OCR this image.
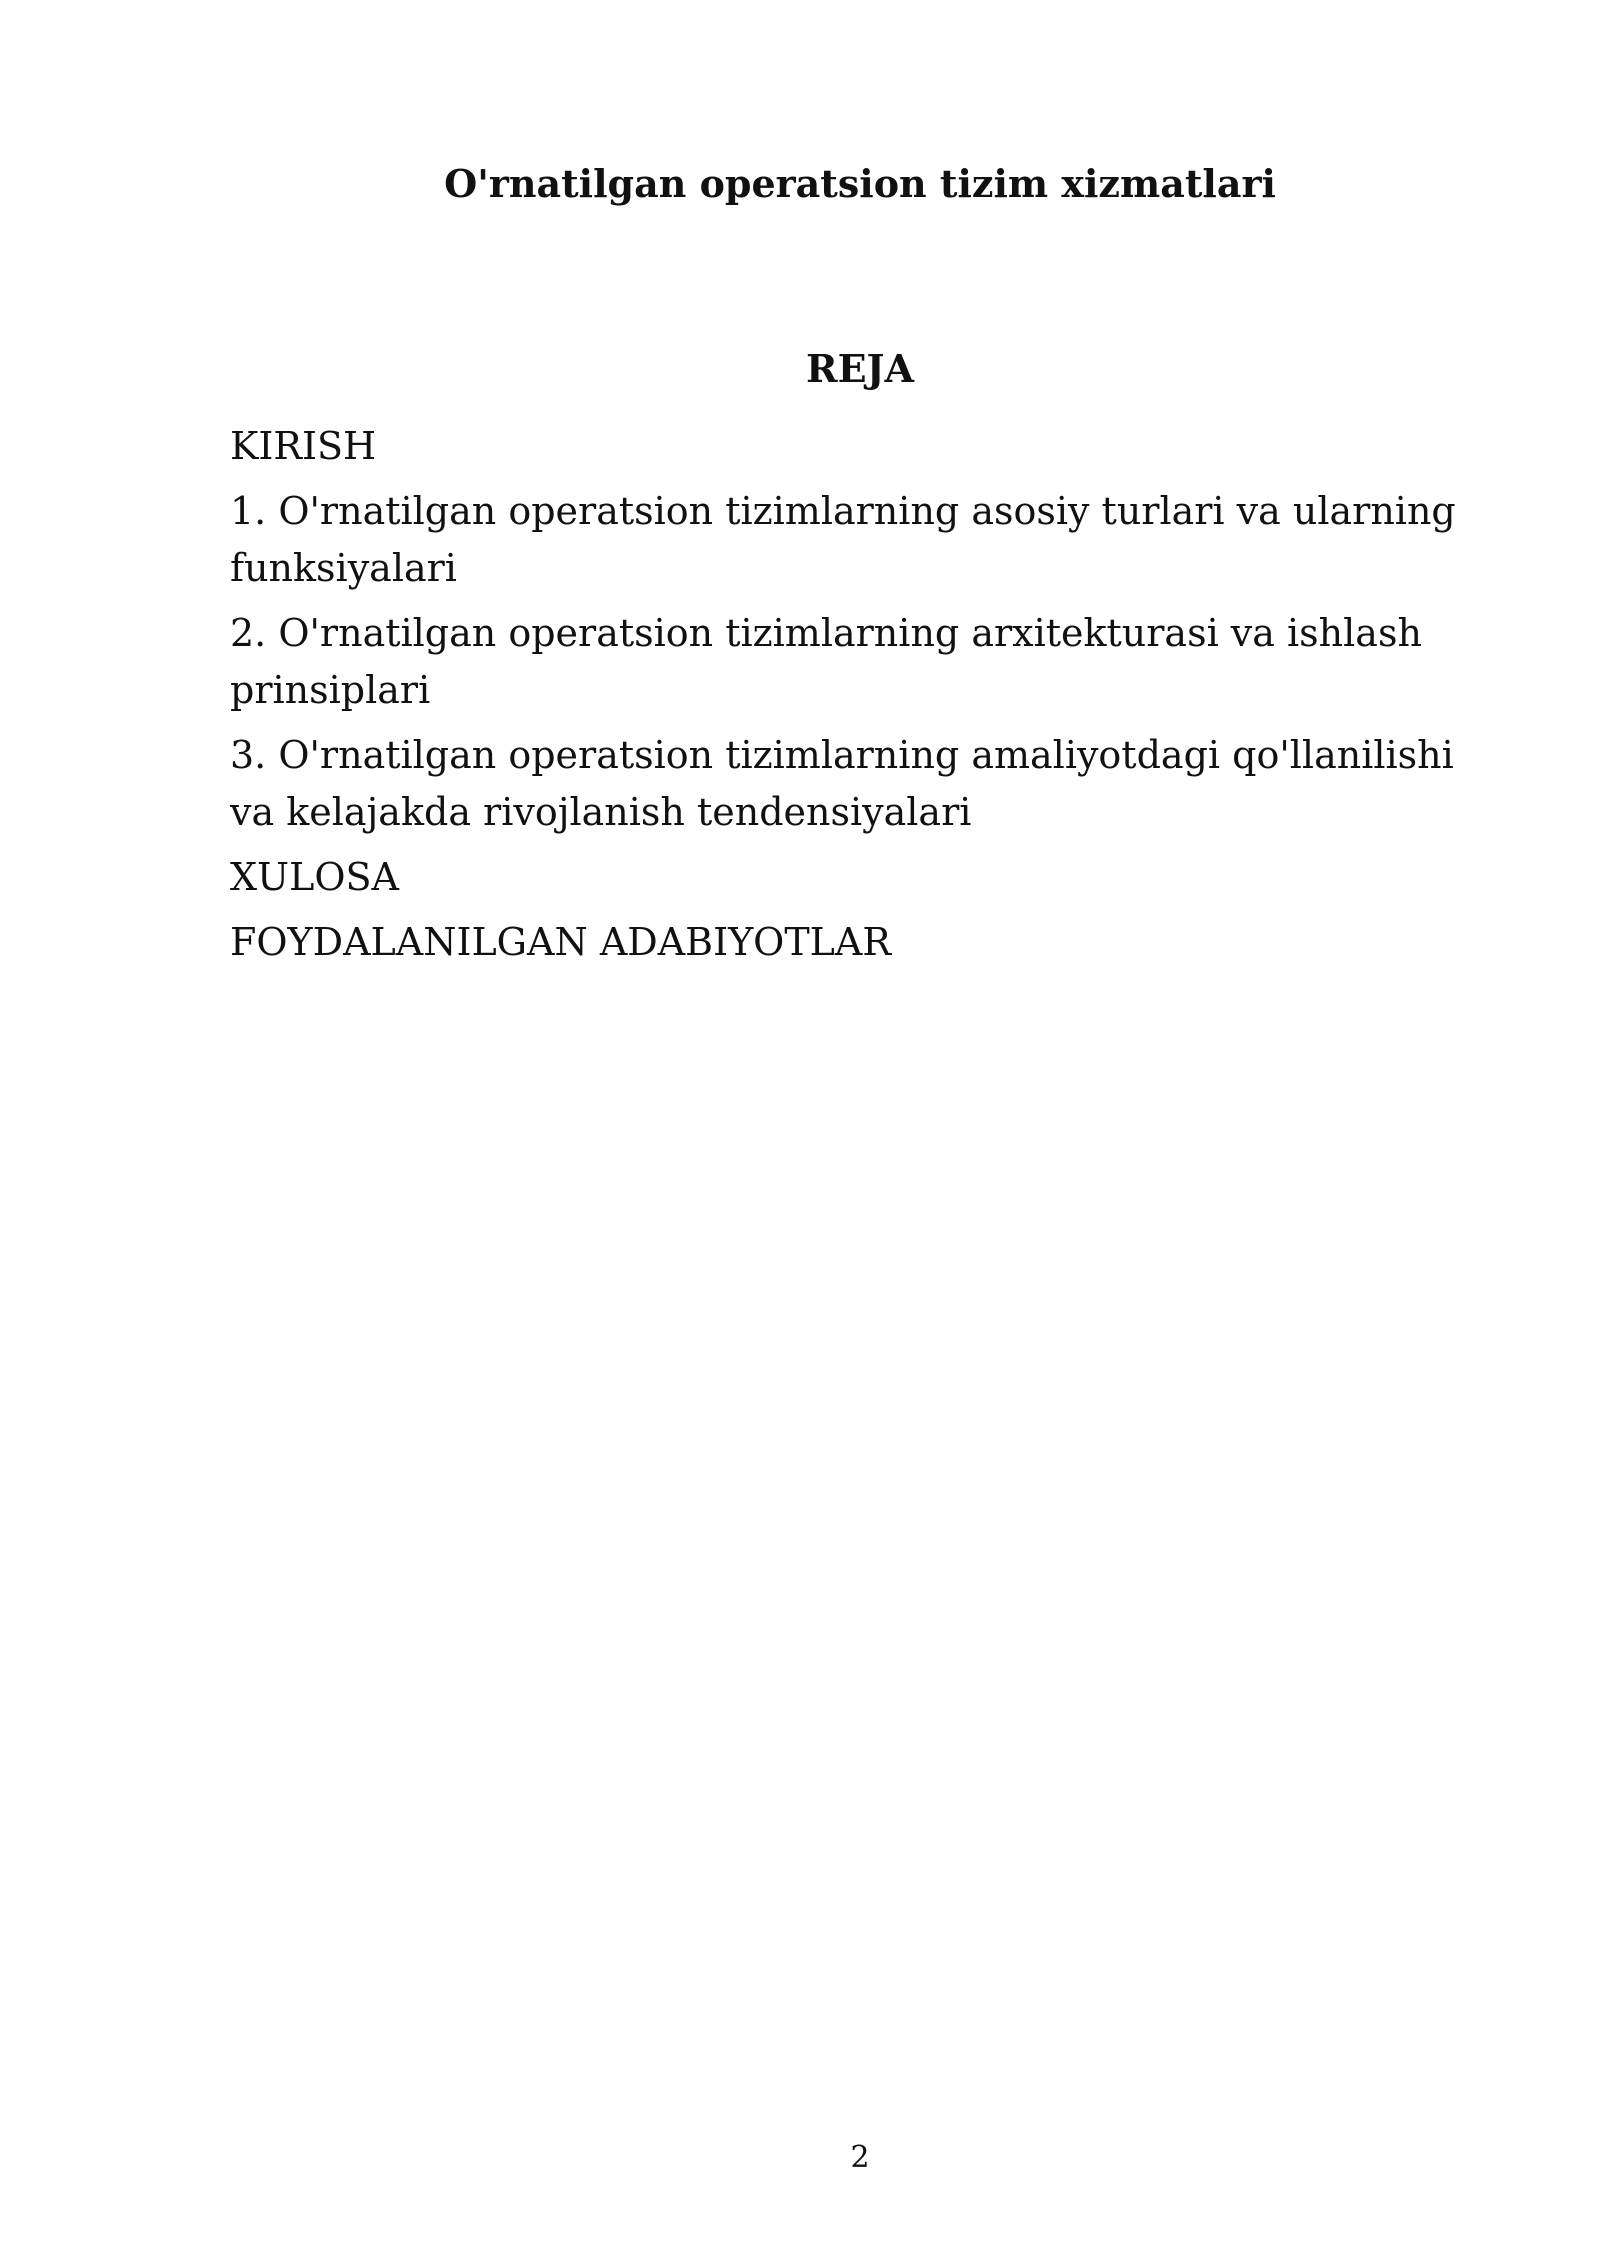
O'rnatilgan operatsion tizim xizmatlari
REJA
KIRISH
1. O'rnatilgan operatsion tizimlarning asosiy turlari va ularning funksiyalari
2. O'rnatilgan operatsion tizimlarning arxitekturasi va ishlash prinsiplari
3. O'rnatilgan operatsion tizimlarning amaliyotdagi qo'llanilishi va kelajakda rivojlanish tendensiyalari
XULOSA
FOYDALANILGAN ADABIYOTLAR
2
